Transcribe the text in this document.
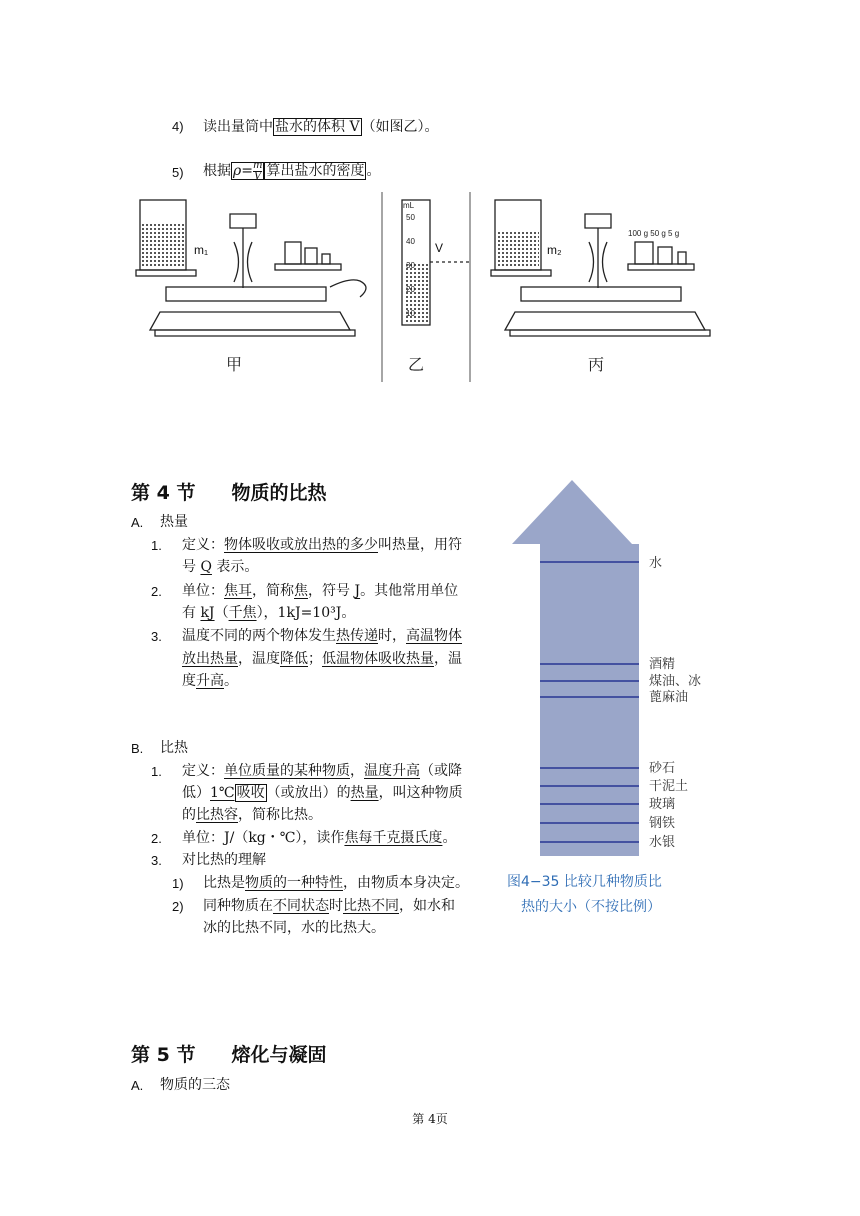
4) 读出量筒中 盐水的体积 V （如图乙）。
5) 根据 $\rho= \frac{m}{V}$ 算出盐水的密度 。
mL
50
40
30
20
10
100 g 50 g 5 g
m₁	V	m₂
甲	乙	丙
第 4 节 物质的比热
A. 热量
1. 定义：物体吸收或放出热的多少叫热量，用符
号 Q 表示。
2. 单位：焦耳，简称焦，符号 J。其他常用单位
有 kJ（千焦），1kJ=10³J。
3. 温度不同的两个物体发生热传递时，高温物体
放出热量，温度降低；低温物体吸收热量，温
度升高。
B. 比热
1. 定义：单位质量的某种物质，温度升高（或降
低）1℃ 吸收 （或放出）的热量，叫这种物质
的比热容，简称比热。
2. 单位：J/（kg・℃），读作焦每千克摄氏度。
3. 对比热的理解
1) 比热是物质的一种特性，由物质本身决定。
2) 同种物质在不同状态时比热不同，如水和
冰的比热不同，水的比热大。
水
酒精
煤油、冰
蓖麻油
砂石
干泥土
玻璃
钢铁
水银
图4−35 比较几种物质比
热的大小（不按比例）
第 5 节 熔化与凝固
A. 物质的三态
第 4页
